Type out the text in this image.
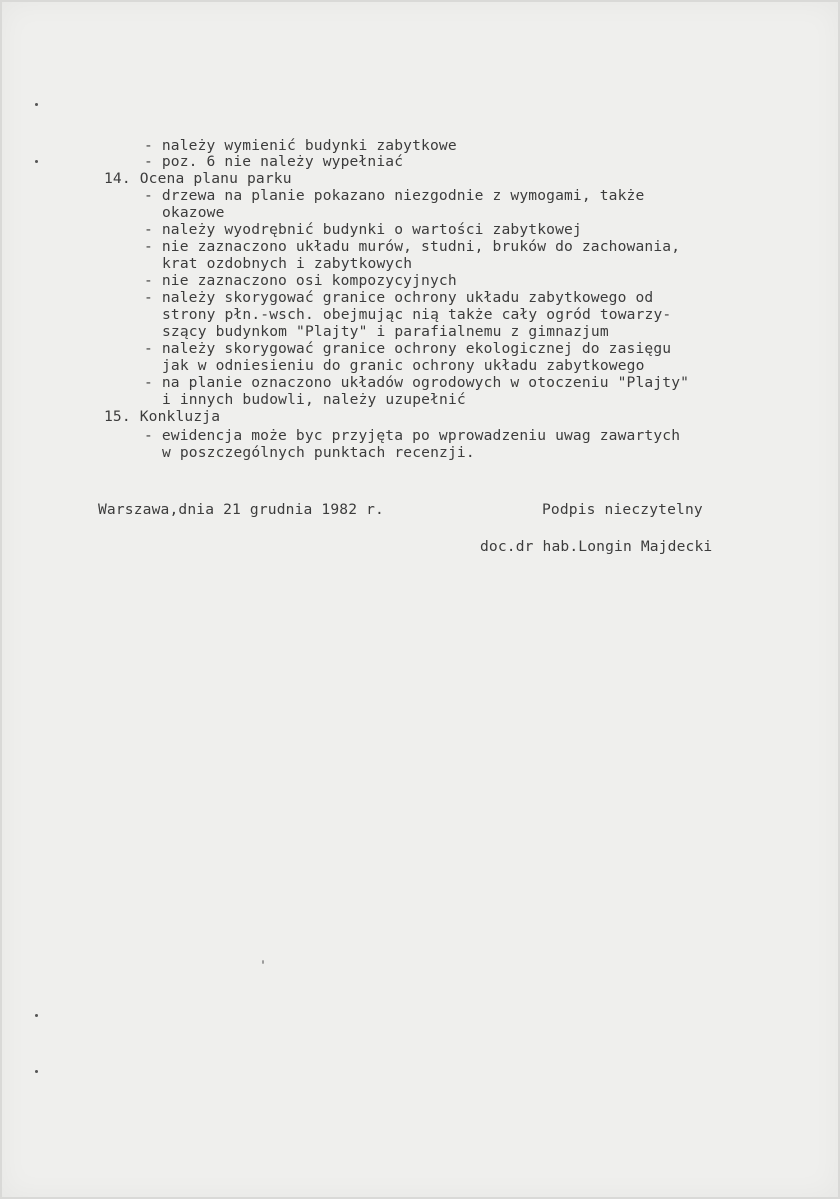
- należy wymienić budynki zabytkowe
- poz. 6 nie należy wypełniać
14. Ocena planu parku
- drzewa na planie pokazano niezgodnie z wymogami, także
okazowe
- należy wyodrębnić budynki o wartości zabytkowej
- nie zaznaczono układu murów, studni, bruków do zachowania,
krat ozdobnych i zabytkowych
- nie zaznaczono osi kompozycyjnych
- należy skorygować granice ochrony układu zabytkowego od
strony płn.-wsch. obejmując nią także cały ogród towarzy-
szący budynkom "Plajty" i parafialnemu z gimnazjum
- należy skorygować granice ochrony ekologicznej do zasięgu
jak w odniesieniu do granic ochrony układu zabytkowego
- na planie oznaczono układów ogrodowych w otoczeniu "Plajty"
i innych budowli, należy uzupełnić
15. Konkluzja
- ewidencja może byc przyjęta po wprowadzeniu uwag zawartych
w poszczególnych punktach recenzji.
Warszawa,dnia 21 grudnia 1982 r.	Podpis nieczytelny
doc.dr hab.Longin Majdecki
